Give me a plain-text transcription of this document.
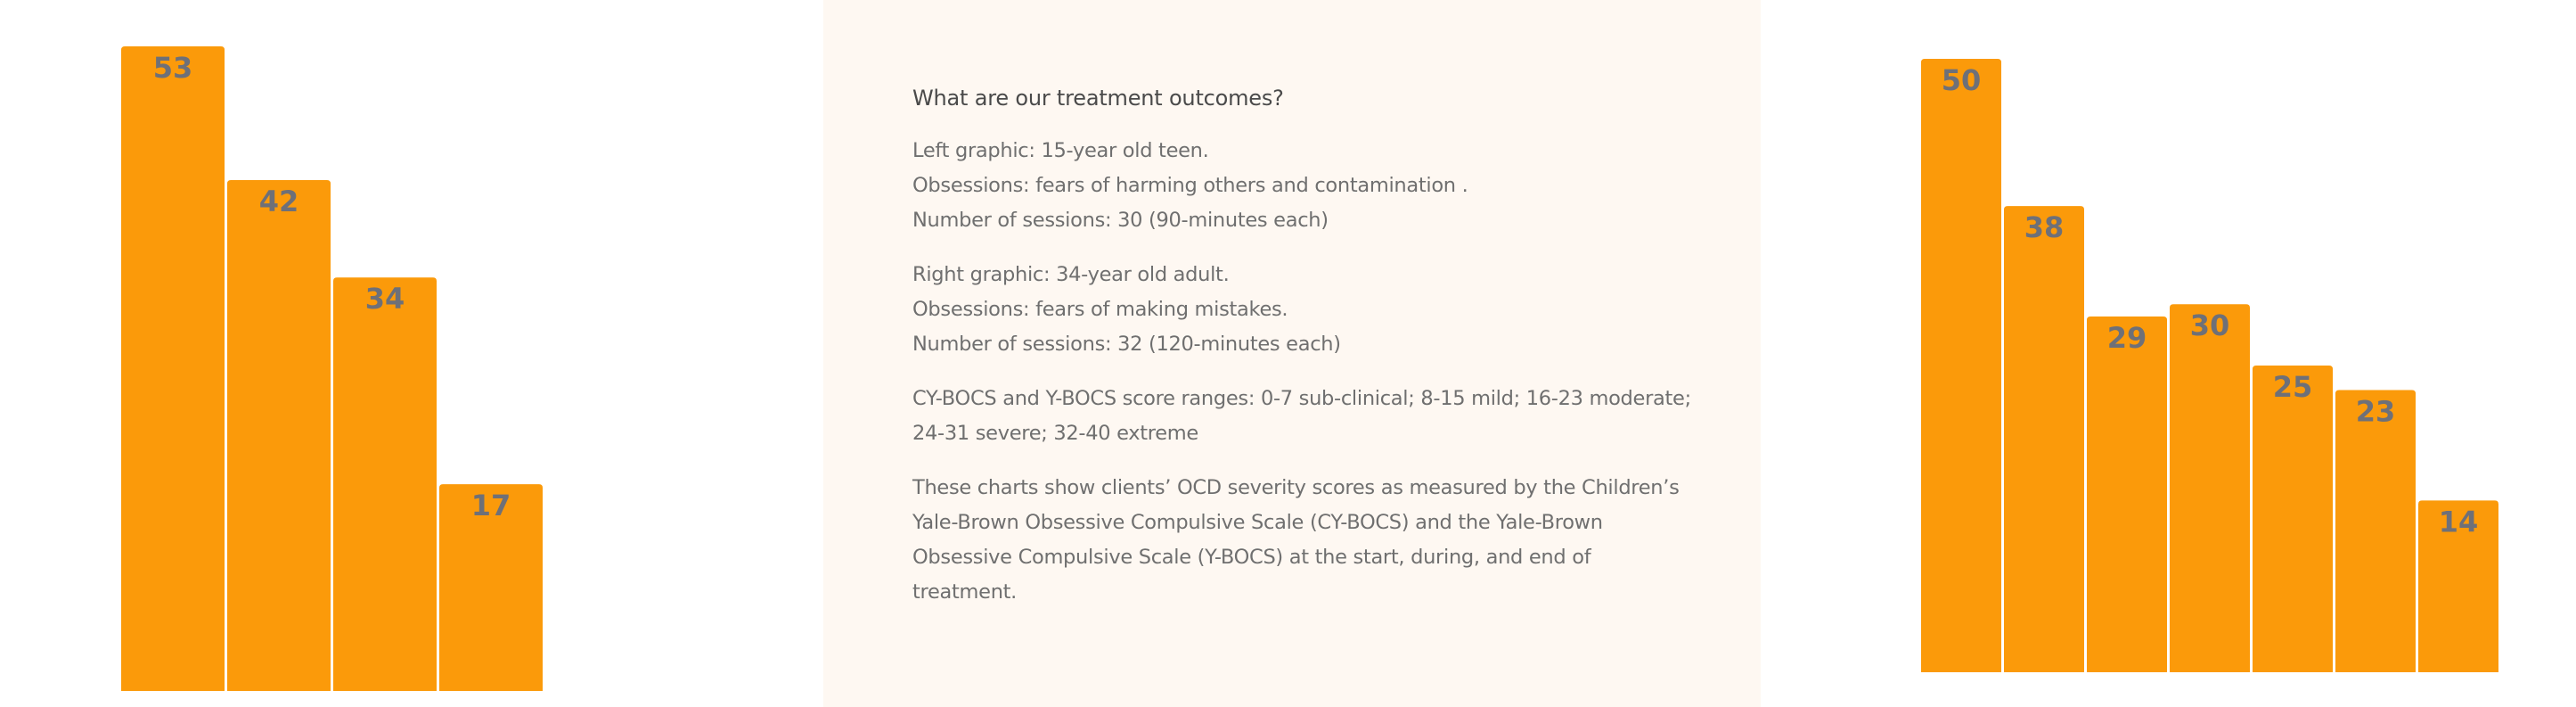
53
42
34
17
What are our treatment outcomes?

Left graphic: 15-year old teen.
Obsessions: fears of harming others and contamination .
Number of sessions: 30 (90-minutes each)

Right graphic: 34-year old adult.
Obsessions: fears of making mistakes.
Number of sessions: 32 (120-minutes each)

CY-BOCS and Y-BOCS score ranges: 0-7 sub-clinical; 8-15 mild; 16-23 moderate;
24-31 severe; 32-40 extreme

These charts show clients’ OCD severity scores as measured by the Children’s
Yale-Brown Obsessive Compulsive Scale (CY-BOCS) and the Yale-Brown
Obsessive Compulsive Scale (Y-BOCS) at the start, during, and end of
treatment.

50
38
29 30
25
23
14
